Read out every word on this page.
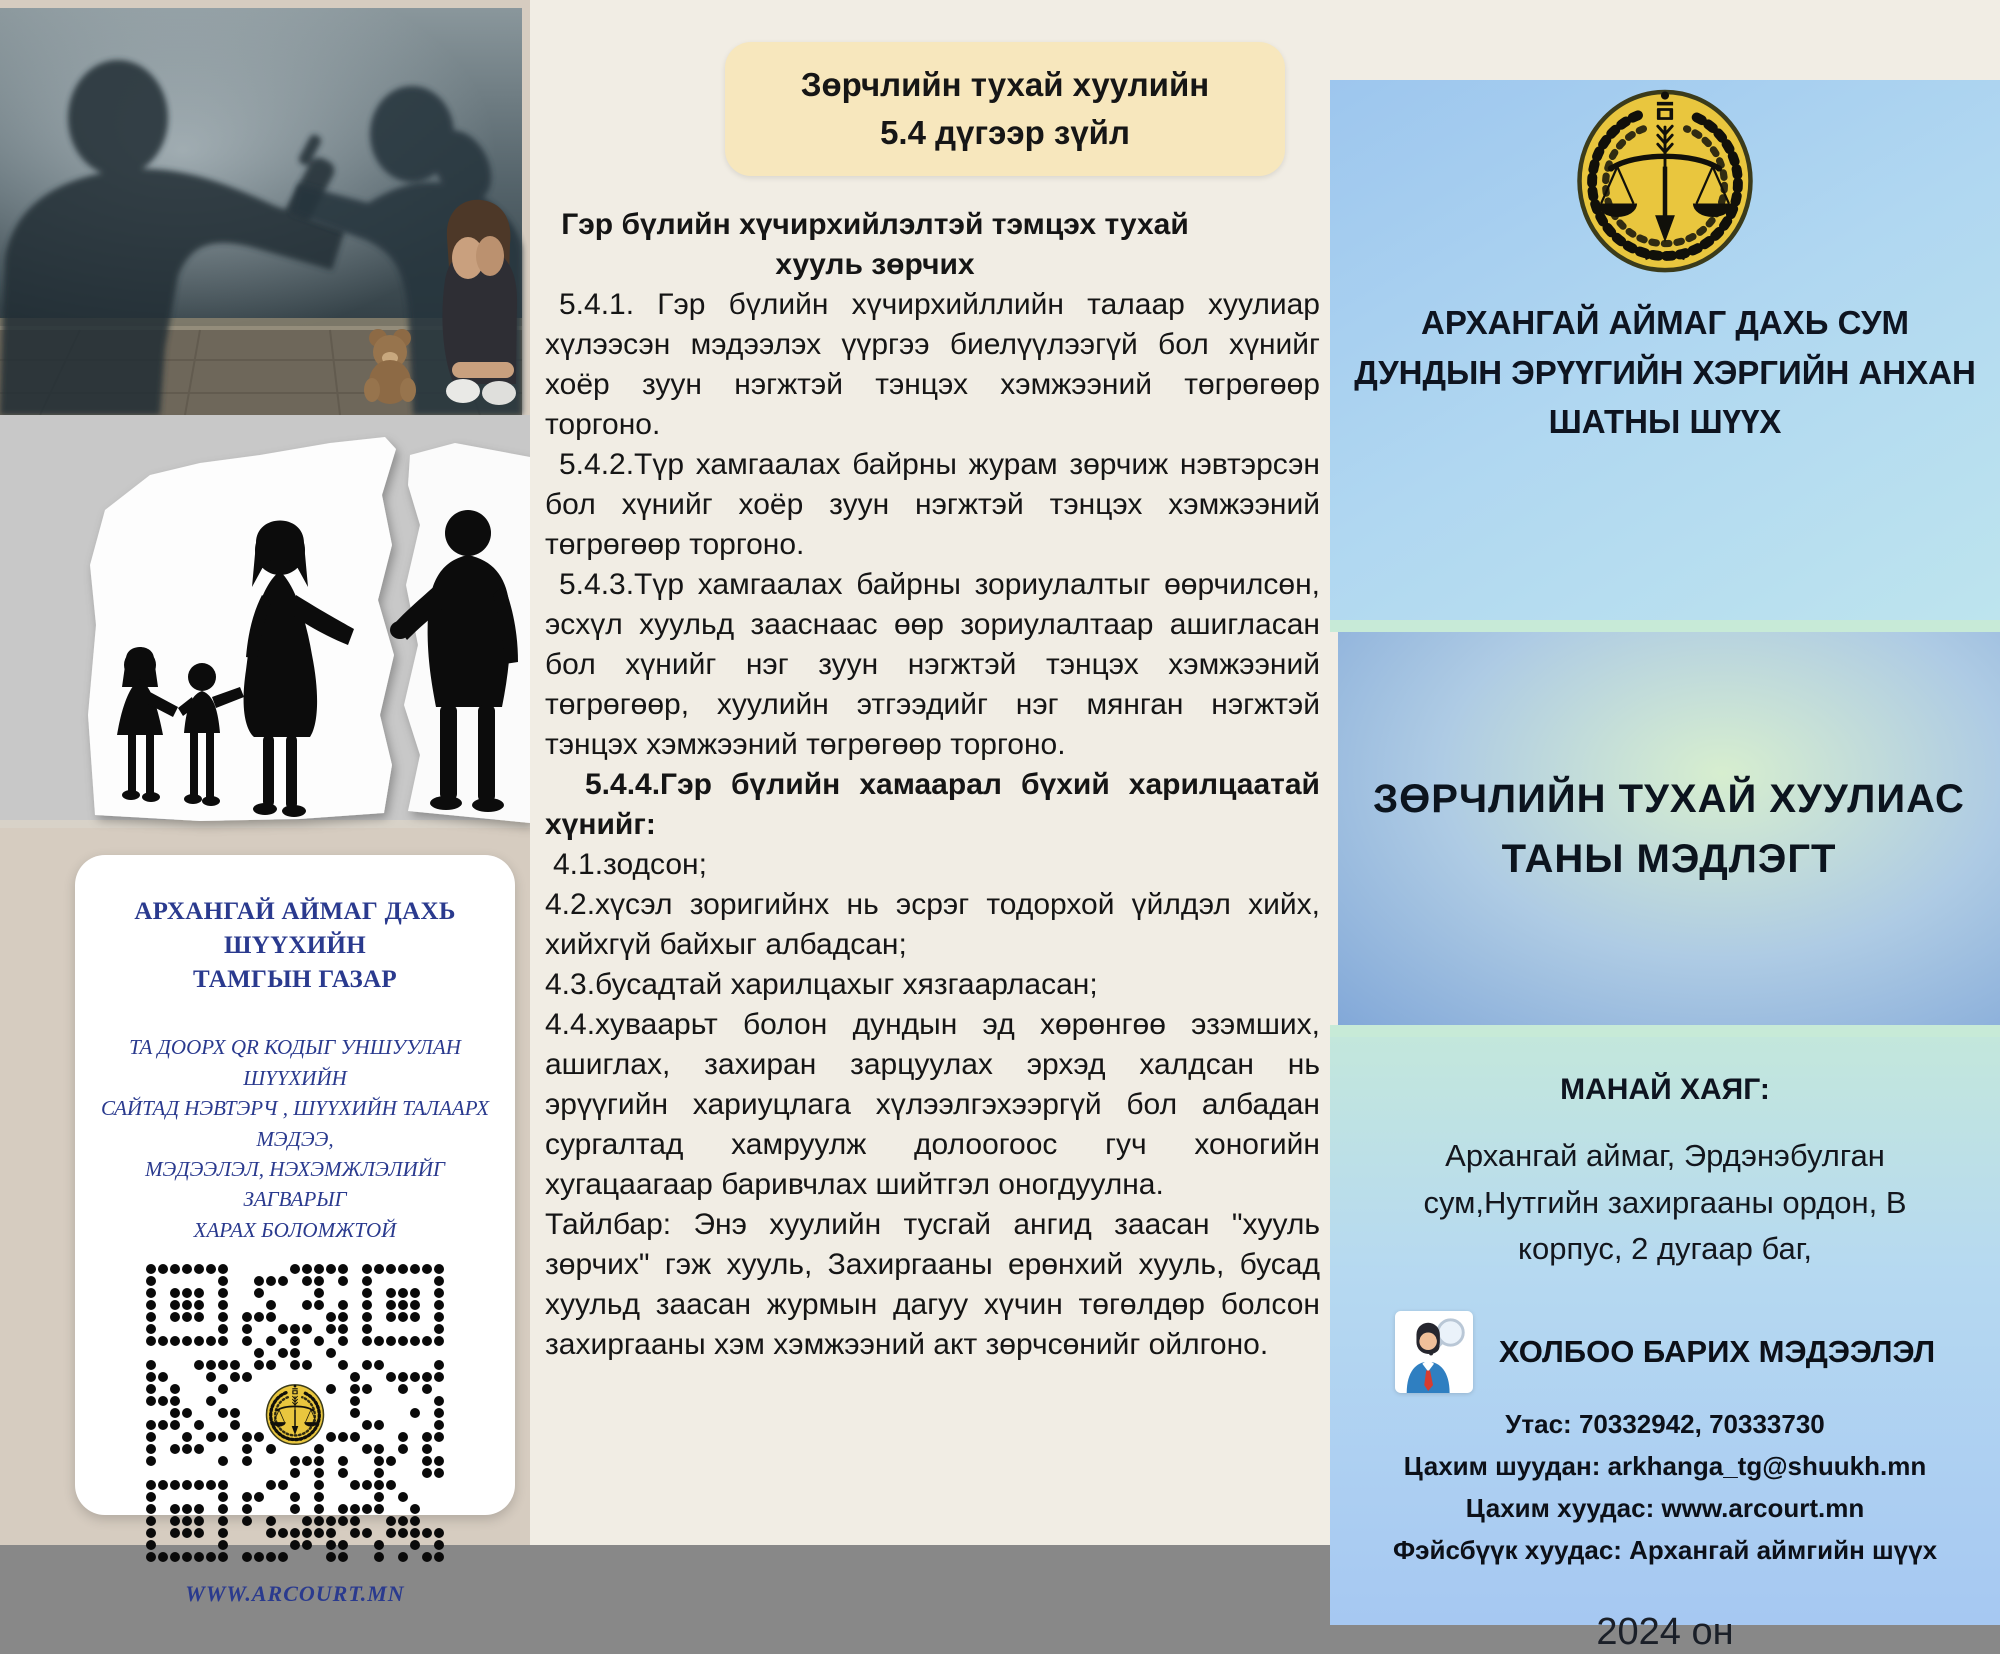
АРХАНГАЙ АЙМАГ ДАХЬ ШҮҮХИЙН
ТАМГЫН ГАЗАР
ТА ДООРХ QR КОДЫГ УНШУУЛАН ШҮҮХИЙН
САЙТАД НЭВТЭРЧ , ШҮҮХИЙН ТАЛААРХ МЭДЭЭ,
МЭДЭЭЛЭЛ, НЭХЭМЖЛЭЛИЙГ ЗАГВАРЫГ
ХАРАХ БОЛОМЖТОЙ
WWW.ARCOURT.MN
Зөрчлийн тухай хуулийн
5.4 дүгээр зүйл

Гэр бүлийн хүчирхийлэлтэй тэмцэх тухай хууль зөрчих

5.4.1. Гэр бүлийн хүчирхийллийн талаар хуулиар хүлээсэн мэдээлэх үүргээ биелүүлээгүй бол хүнийг хоёр зуун нэгжтэй тэнцэх хэмжээний төгрөгөөр торгоно.

5.4.2.Түр хамгаалах байрны журам зөрчиж нэвтэрсэн бол хүнийг хоёр зуун нэгжтэй тэнцэх хэмжээний төгрөгөөр торгоно.

5.4.3.Түр хамгаалах байрны зориулалтыг өөрчилсөн, эсхүл хуульд зааснаас өөр зориулалтаар ашигласан бол хүнийг нэг зуун нэгжтэй тэнцэх хэмжээний төгрөгөөр, хуулийн этгээдийг нэг мянган нэгжтэй тэнцэх хэмжээний төгрөгөөр торгоно.

5.4.4.Гэр бүлийн хамаарал бүхий харилцаатай хүнийг:

4.1.зодсон;

4.2.хүсэл зоригийнх нь эсрэг тодорхой үйлдэл хийх, хийхгүй байхыг албадсан;

4.3.бусадтай харилцахыг хязгаарласан;

4.4.хуваарьт болон дундын эд хөрөнгөө эзэмших, ашиглах, захиран зарцуулах эрхэд халдсан нь эрүүгийн хариуцлага хүлээлгэхээргүй бол албадан сургалтад хамруулж долоогоос гуч хоногийн хугацаагаар баривчлах шийтгэл оногдуулна.

Тайлбар: Энэ хуулийн тусгай ангид заасан "хууль зөрчих" гэж хууль, Захиргааны ерөнхий хууль, бусад хуульд заасан журмын дагуу хүчин төгөлдөр болсон захиргааны хэм хэмжээний акт зөрчсөнийг ойлгоно.

АРХАНГАЙ АЙМАГ ДАХЬ СУМ
ДУНДЫН ЭРҮҮГИЙН ХЭРГИЙН АНХАН
ШАТНЫ ШҮҮХ
ЗӨРЧЛИЙН ТУХАЙ ХУУЛИАС
ТАНЫ МЭДЛЭГТ
МАНАЙ ХАЯГ:
Архангай аймаг, Эрдэнэбулган
сум,Нутгийн захиргааны ордон, В
корпус, 2 дугаар баг,
ХОЛБОО БАРИХ МЭДЭЭЛЭЛ
Утас: 70332942, 70333730
Цахим шуудан: arkhanga_tg@shuukh.mn
Цахим хуудас: www.arcourt.mn
Фэйсбүүк хуудас: Архангай аймгийн шүүх
2024 он
